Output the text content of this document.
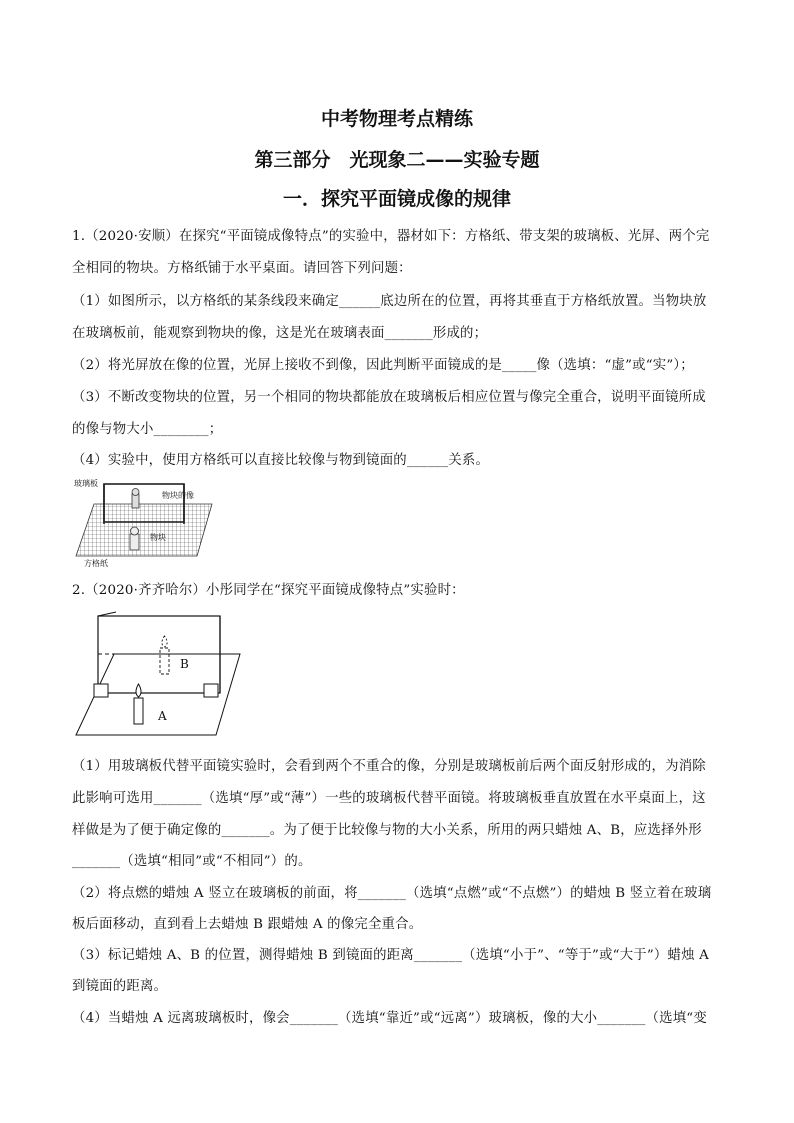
中考物理考点精练
第三部分　光现象二——实验专题
一．探究平面镜成像的规律
1.（2020·安顺）在探究“平面镜成像特点”的实验中，器材如下：方格纸、带支架的玻璃板、光屏、两个完
全相同的物块。方格纸铺于水平桌面。请回答下列问题：
（1）如图所示，以方格纸的某条线段来确定______底边所在的位置，再将其垂直于方格纸放置。当物块放
在玻璃板前，能观察到物块的像，这是光在玻璃表面_______形成的；
（2）将光屏放在像的位置，光屏上接收不到像，因此判断平面镜成的是_____像（选填：“虚”或“实”）；
（3）不断改变物块的位置，另一个相同的物块都能放在玻璃板后相应位置与像完全重合，说明平面镜所成
的像与物大小________；
（4）实验中，使用方格纸可以直接比较像与物到镜面的______关系。
玻璃板
物块的像
物块
方格纸
2.（2020·齐齐哈尔）小彤同学在“探究平面镜成像特点”实验时：
B
A
（1）用玻璃板代替平面镜实验时，会看到两个不重合的像，分别是玻璃板前后两个面反射形成的，为消除
此影响可选用_______（选填“厚”或“薄”）一些的玻璃板代替平面镜。将玻璃板垂直放置在水平桌面上，这
样做是为了便于确定像的_______。为了便于比较像与物的大小关系，所用的两只蜡烛 A、B，应选择外形
_______（选填“相同”或“不相同”）的。
（2）将点燃的蜡烛 A 竖立在玻璃板的前面，将_______（选填“点燃”或“不点燃”）的蜡烛 B 竖立着在玻璃
板后面移动，直到看上去蜡烛 B 跟蜡烛 A 的像完全重合。
（3）标记蜡烛 A、B 的位置，测得蜡烛 B 到镜面的距离_______（选填“小于”、“等于”或“大于”）蜡烛 A
到镜面的距离。
（4）当蜡烛 A 远离玻璃板时，像会_______（选填“靠近”或“远离”）玻璃板，像的大小_______（选填“变
